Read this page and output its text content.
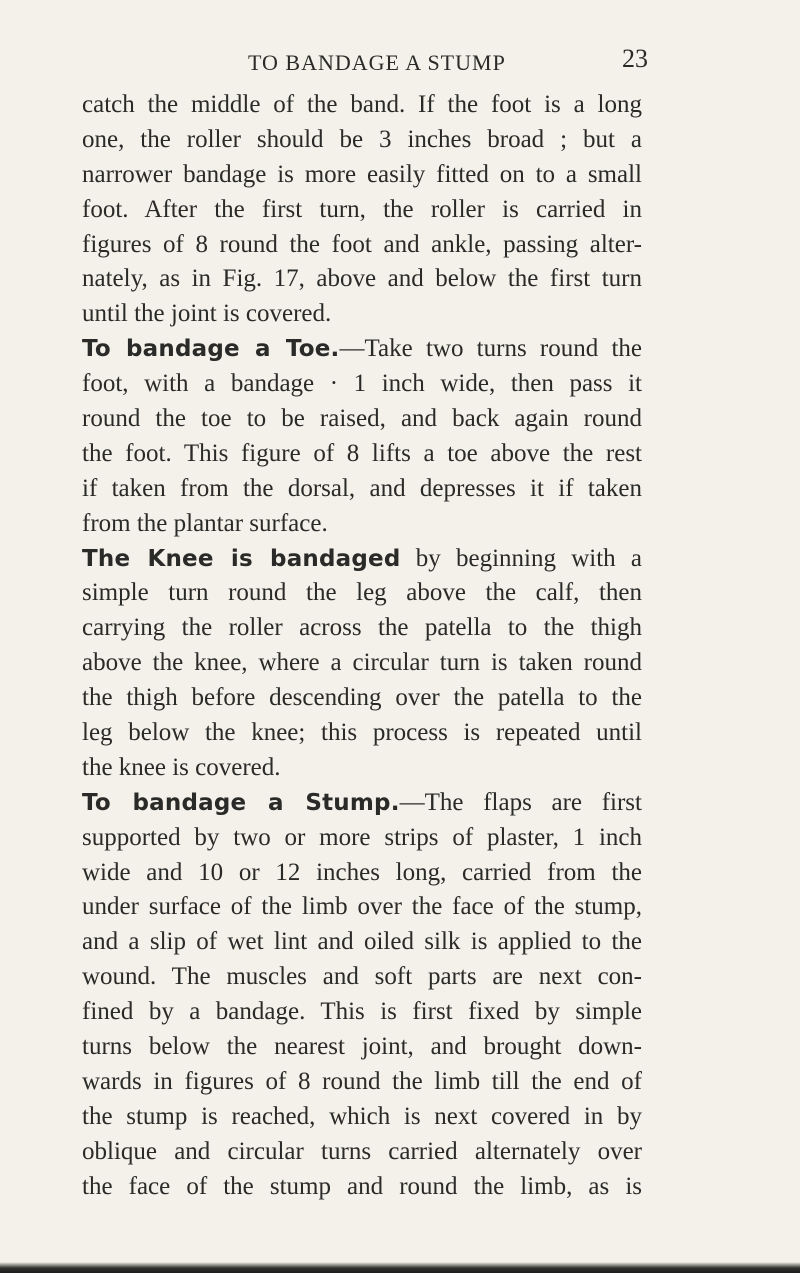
TO BANDAGE A STUMP	23
catch the middle of the band. If the foot is a long
one, the roller should be 3 inches broad ; but a
narrower bandage is more easily fitted on to a small
foot. After the first turn, the roller is carried in
figures of 8 round the foot and ankle, passing alter-
nately, as in Fig. 17, above and below the first turn
until the joint is covered.
To bandage a Toe.—Take two turns round the
foot, with a bandage · 1 inch wide, then pass it
round the toe to be raised, and back again round
the foot. This figure of 8 lifts a toe above the rest
if taken from the dorsal, and depresses it if taken
from the plantar surface.
The Knee is bandaged by beginning with a
simple turn round the leg above the calf, then
carrying the roller across the patella to the thigh
above the knee, where a circular turn is taken round
the thigh before descending over the patella to the
leg below the knee; this process is repeated until
the knee is covered.
To bandage a Stump.—The flaps are first
supported by two or more strips of plaster, 1 inch
wide and 10 or 12 inches long, carried from the
under surface of the limb over the face of the stump,
and a slip of wet lint and oiled silk is applied to the
wound. The muscles and soft parts are next con-
fined by a bandage. This is first fixed by simple
turns below the nearest joint, and brought down-
wards in figures of 8 round the limb till the end of
the stump is reached, which is next covered in by
oblique and circular turns carried alternately over
the face of the stump and round the limb, as is
